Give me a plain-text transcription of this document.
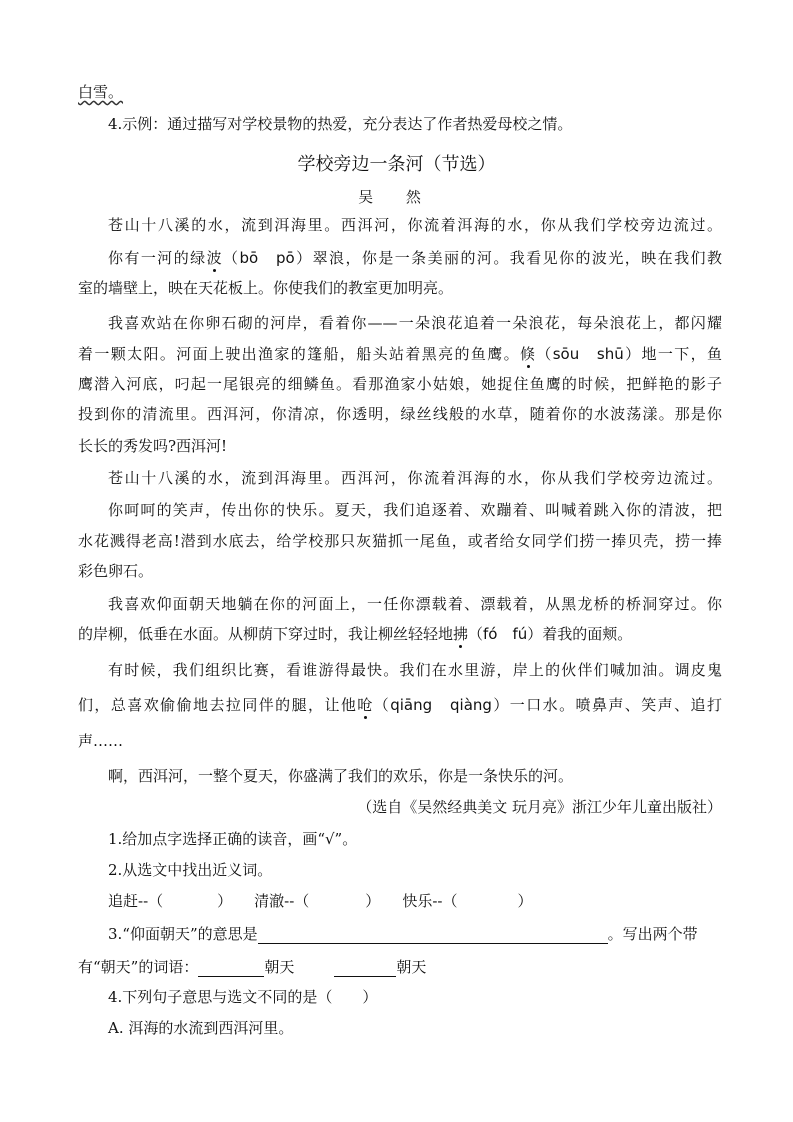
白雪。
4.示例：通过描写对学校景物的热爱，充分表达了作者热爱母校之情。
学校旁边一条河（节选）
吴 然
苍山十八溪的水，流到洱海里。西洱河，你流着洱海的水，你从我们学校旁边流过。
你有一河的绿波（bō　pō）翠浪，你是一条美丽的河。我看见你的波光，映在我们教
室的墙壁上，映在天花板上。你使我们的教室更加明亮。
我喜欢站在你卵石砌的河岸，看着你——一朵浪花追着一朵浪花，每朵浪花上，都闪耀
着一颗太阳。河面上驶出渔家的篷船，船头站着黑亮的鱼鹰。倏（sōu　shū）地一下，鱼
鹰潜入河底，叼起一尾银亮的细鳞鱼。看那渔家小姑娘，她捉住鱼鹰的时候，把鲜艳的影子
投到你的清流里。西洱河，你清凉，你透明，绿丝线般的水草，随着你的水波荡漾。那是你
长长的秀发吗?西洱河!
苍山十八溪的水，流到洱海里。西洱河，你流着洱海的水，你从我们学校旁边流过。
你呵呵的笑声，传出你的快乐。夏天，我们追逐着、欢蹦着、叫喊着跳入你的清波，把
水花溅得老高!潜到水底去，给学校那只灰猫抓一尾鱼，或者给女同学们捞一捧贝壳，捞一捧
彩色卵石。
我喜欢仰面朝天地躺在你的河面上，一任你漂载着、漂载着，从黑龙桥的桥洞穿过。你
的岸柳，低垂在水面。从柳荫下穿过时，我让柳丝轻轻地拂（fó　fú）着我的面颊。
有时候，我们组织比赛，看谁游得最快。我们在水里游，岸上的伙伴们喊加油。调皮鬼
们，总喜欢偷偷地去拉同伴的腿，让他呛（qiāng　qiàng）一口水。喷鼻声、笑声、追打
声……
啊，西洱河，一整个夏天，你盛满了我们的欢乐，你是一条快乐的河。
（选自《吴然经典美文 玩月亮》浙江少年儿童出版社）
1.给加点字选择正确的读音，画“√”。
2.从选文中找出近义词。
追赶--（	） 清澈--（	） 快乐--（	）
3.“仰面朝天”的意思是	。写出两个带
有“朝天”的词语：	朝天	朝天
4.下列句子意思与选文不同的是（　　）
A. 洱海的水流到西洱河里。
